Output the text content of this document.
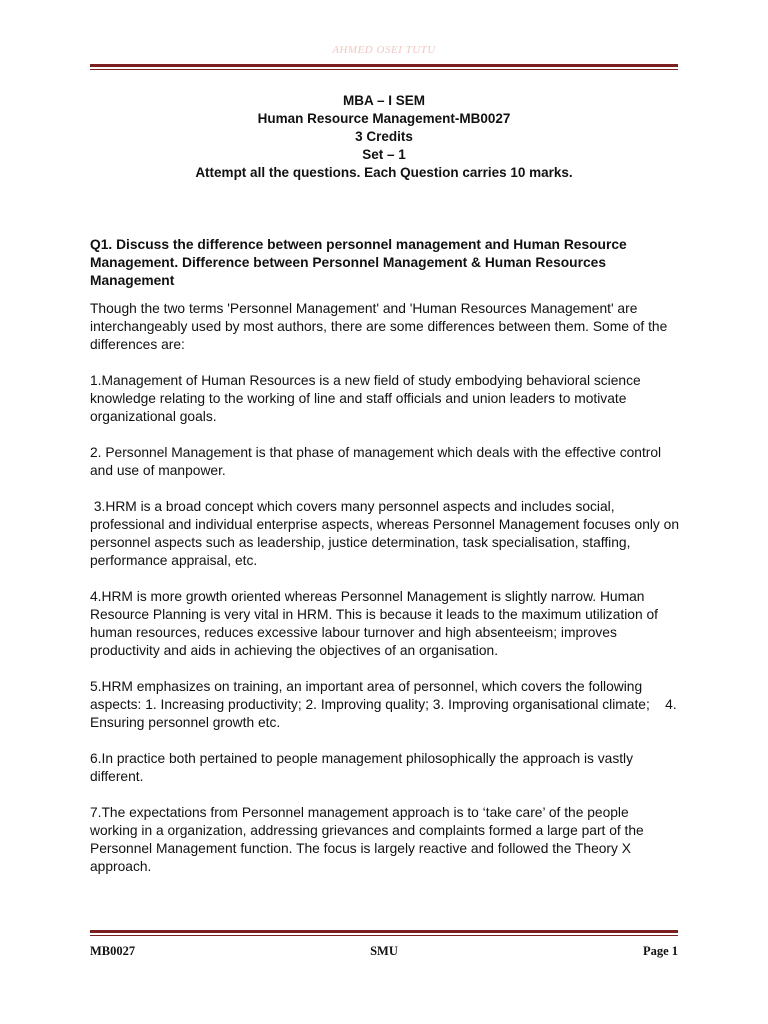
AHMED OSEI TUTU
MBA – I SEM
Human Resource Management-MB0027
3 Credits
Set – 1
Attempt all the questions. Each Question carries 10 marks.
Q1. Discuss the difference between personnel management and Human Resource Management. Difference between Personnel Management & Human Resources Management
Though the two terms 'Personnel Management' and 'Human Resources Management' are interchangeably used by most authors, there are some differences between them. Some of the differences are:
1.Management of Human Resources is a new field of study embodying behavioral science knowledge relating to the working of line and staff officials and union leaders to motivate organizational goals.
2. Personnel Management is that phase of management which deals with the effective control and use of manpower.
3.HRM is a broad concept which covers many personnel aspects and includes social, professional and individual enterprise aspects, whereas Personnel Management focuses only on personnel aspects such as leadership, justice determination, task specialisation, staffing, performance appraisal, etc.
4.HRM is more growth oriented whereas Personnel Management is slightly narrow. Human Resource Planning is very vital in HRM. This is because it leads to the maximum utilization of human resources, reduces excessive labour turnover and high absenteeism; improves productivity and aids in achieving the objectives of an organisation.
5.HRM emphasizes on training, an important area of personnel, which covers the following aspects: 1. Increasing productivity; 2. Improving quality; 3. Improving organisational climate;    4. Ensuring personnel growth etc.
6.In practice both pertained to people management philosophically the approach is vastly different.
7.The expectations from Personnel management approach is to ‘take care’ of the people working in a organization, addressing grievances and complaints formed a large part of the Personnel Management function. The focus is largely reactive and followed the Theory X approach.
MB0027	SMU	Page 1
